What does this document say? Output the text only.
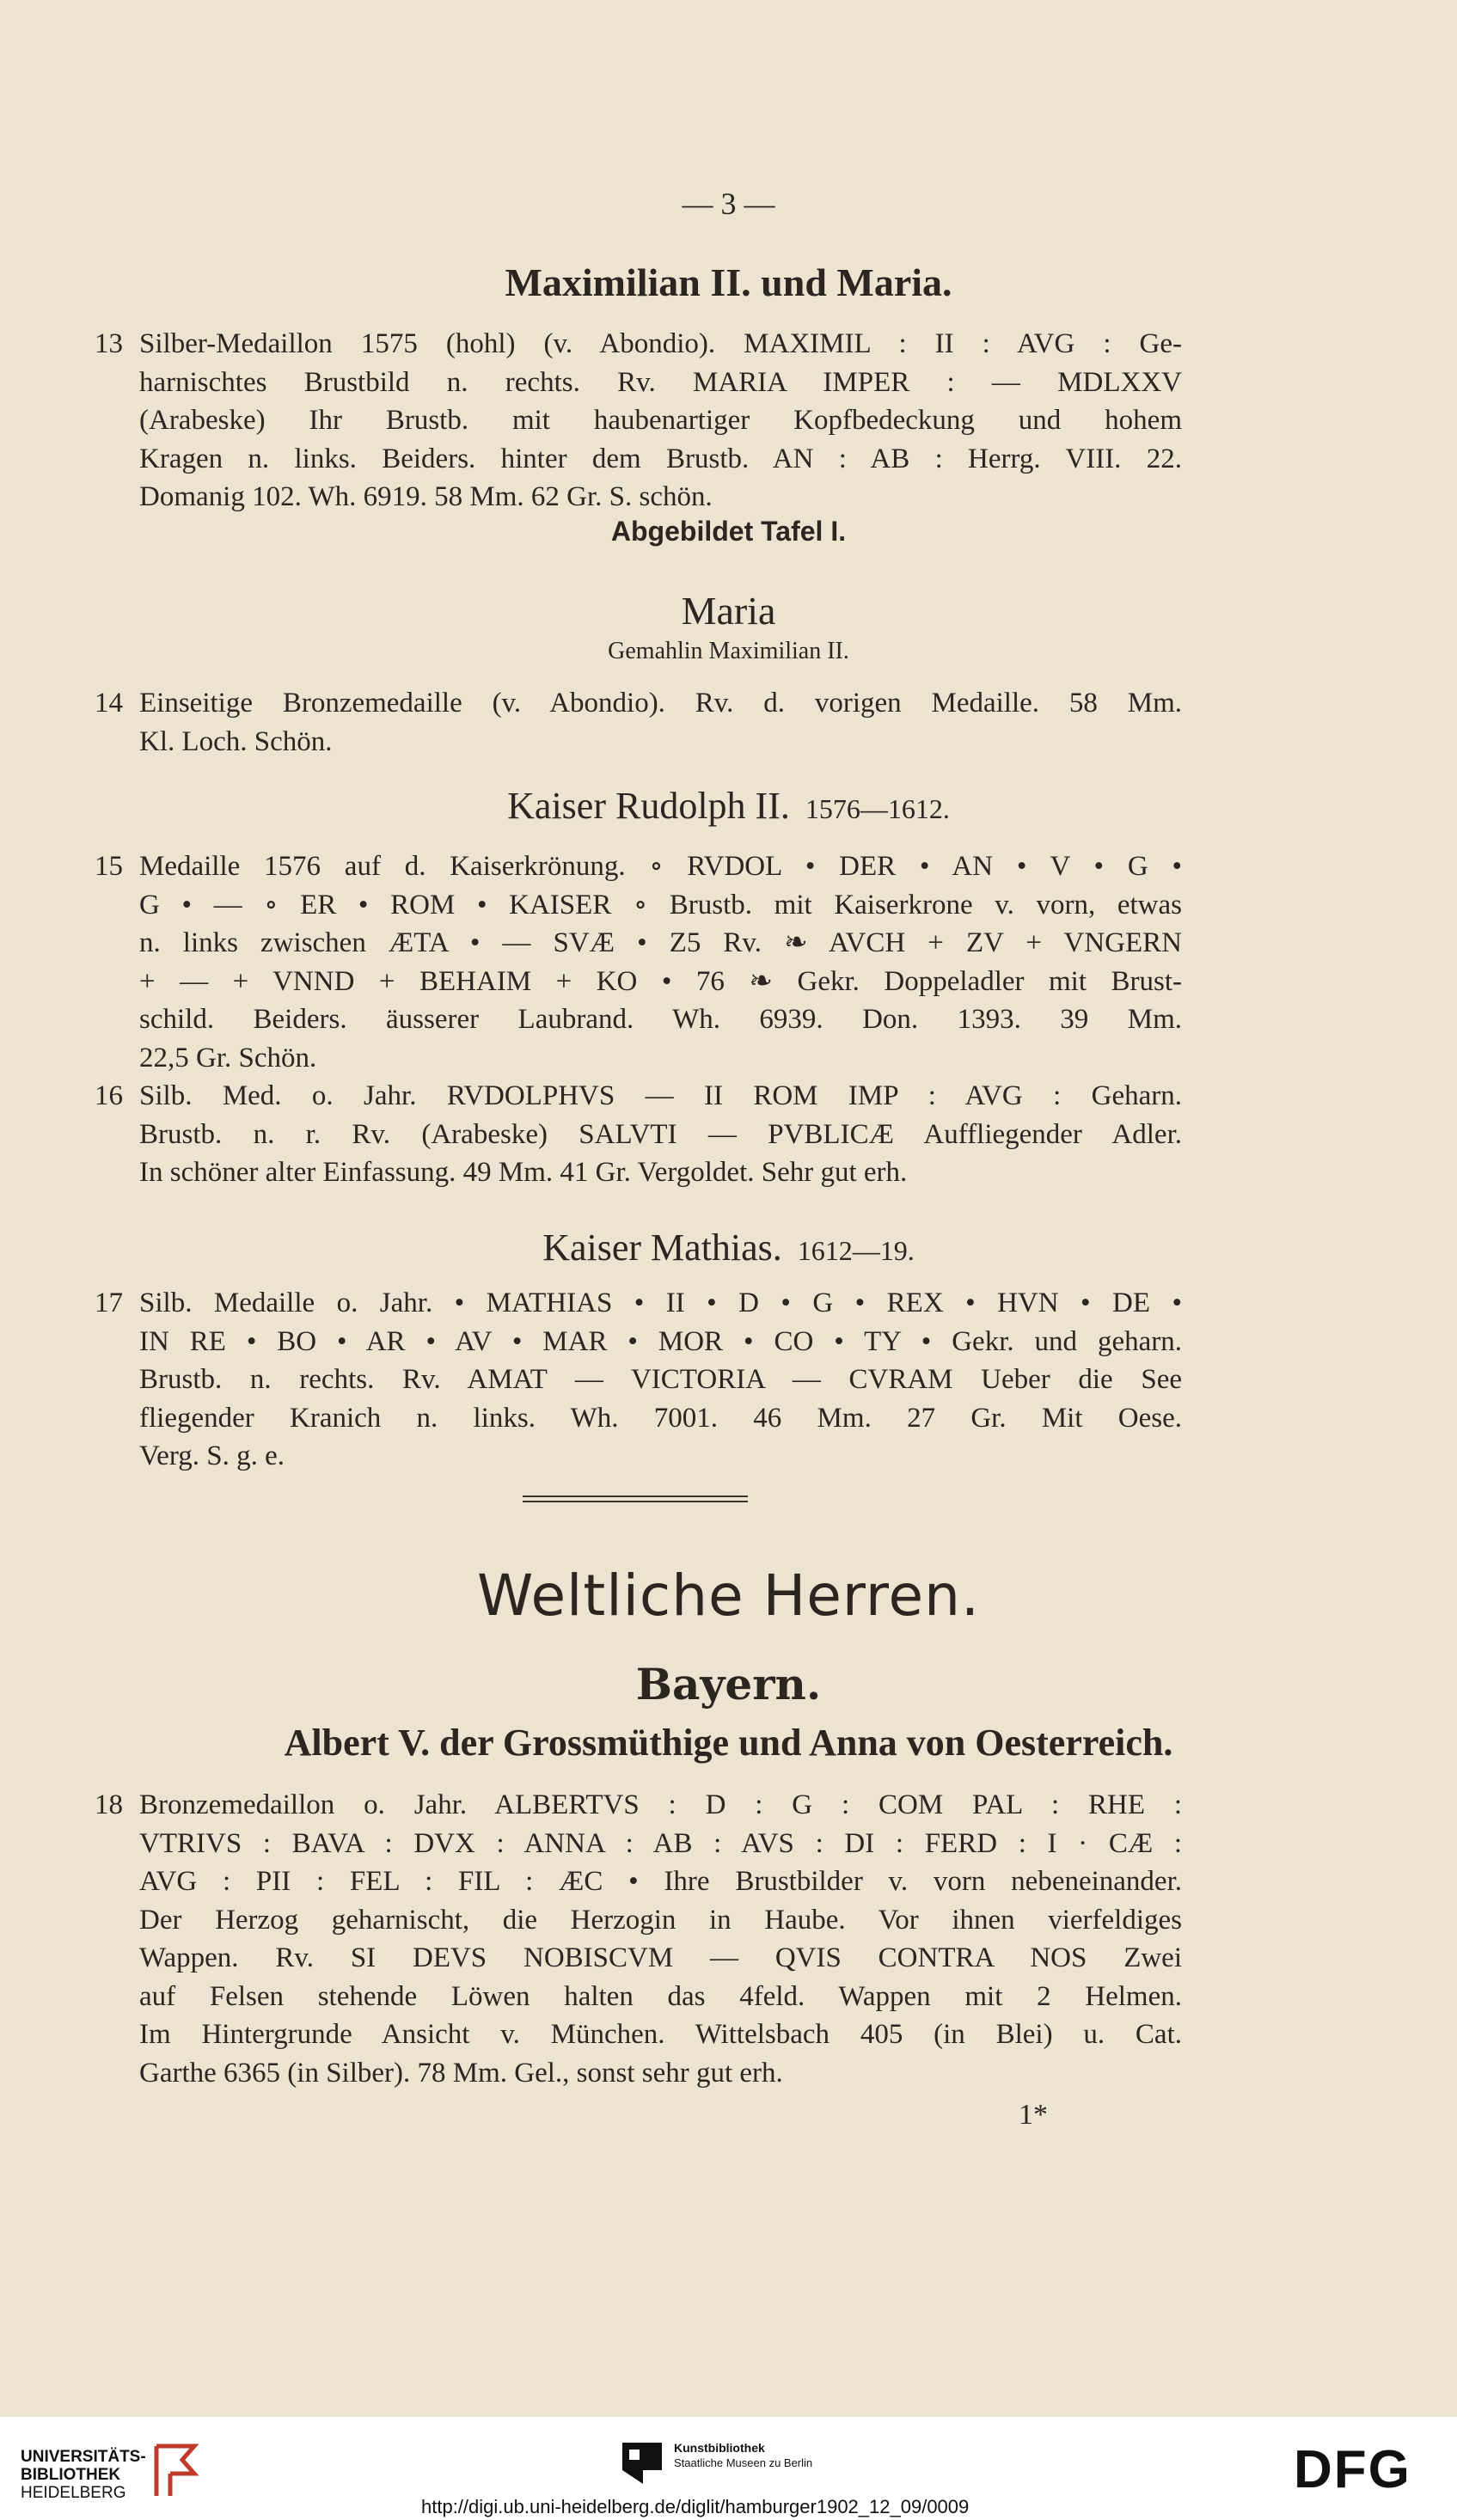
— 3 —
Maximilian II. und Maria.
13 Silber-Medaillon 1575 (hohl) (v. Abondio). MAXIMIL : II : AVG : Ge-
harnischtes Brustbild n. rechts. Rv. MARIA IMPER : — MDLXXV
(Arabeske) Ihr Brustb. mit haubenartiger Kopfbedeckung und hohem
Kragen n. links. Beiders. hinter dem Brustb. AN : AB : Herrg. VIII. 22.
Domanig 102. Wh. 6919. 58 Mm. 62 Gr. S. schön.
Abgebildet Tafel I.
Maria
Gemahlin Maximilian II.
14 Einseitige Bronzemedaille (v. Abondio). Rv. d. vorigen Medaille. 58 Mm.
Kl. Loch. Schön.
Kaiser Rudolph II. 1576—1612.
15 Medaille 1576 auf d. Kaiserkrönung. ∘ RVDOL • DER • AN • V • G •
G • — ∘ ER • ROM • KAISER ∘ Brustb. mit Kaiserkrone v. vorn, etwas
n. links zwischen ÆTA • — SVÆ • Z5 Rv. ❧ AVCH + ZV + VNGERN
+ — + VNND + BEHAIM + KO • 76 ❧ Gekr. Doppeladler mit Brust-
schild. Beiders. äusserer Laubrand. Wh. 6939. Don. 1393. 39 Mm.
22,5 Gr. Schön.
16 Silb. Med. o. Jahr. RVDOLPHVS — II ROM IMP : AVG : Geharn.
Brustb. n. r. Rv. (Arabeske) SALVTI — PVBLICÆ Auffliegender Adler.
In schöner alter Einfassung. 49 Mm. 41 Gr. Vergoldet. Sehr gut erh.
Kaiser Mathias. 1612—19.
17 Silb. Medaille o. Jahr. • MATHIAS • II • D • G • REX • HVN • DE •
IN RE • BO • AR • AV • MAR • MOR • CO • TY • Gekr. und geharn.
Brustb. n. rechts. Rv. AMAT — VICTORIA — CVRAM Ueber die See
fliegender Kranich n. links. Wh. 7001. 46 Mm. 27 Gr. Mit Oese.
Verg. S. g. e.
Weltliche Herren.
Bayern.
Albert V. der Grossmüthige und Anna von Oesterreich.
18 Bronzemedaillon o. Jahr. ALBERTVS : D : G : COM PAL : RHE :
VTRIVS : BAVA : DVX : ANNA : AB : AVS : DI : FERD : I · CÆ :
AVG : PII : FEL : FIL : ÆC • Ihre Brustbilder v. vorn nebeneinander.
Der Herzog geharnischt, die Herzogin in Haube. Vor ihnen vierfeldiges
Wappen. Rv. SI DEVS NOBISCVM — QVIS CONTRA NOS Zwei
auf Felsen stehende Löwen halten das 4feld. Wappen mit 2 Helmen.
Im Hintergrunde Ansicht v. München. Wittelsbach 405 (in Blei) u. Cat.
Garthe 6365 (in Silber). 78 Mm. Gel., sonst sehr gut erh.
1*
UNIVERSITÄTS-
BIBLIOTHEK
HEIDELBERG
Kunstbibliothek
Staatliche Museen zu Berlin	DFG
http://digi.ub.uni-heidelberg.de/diglit/hamburger1902_12_09/0009
